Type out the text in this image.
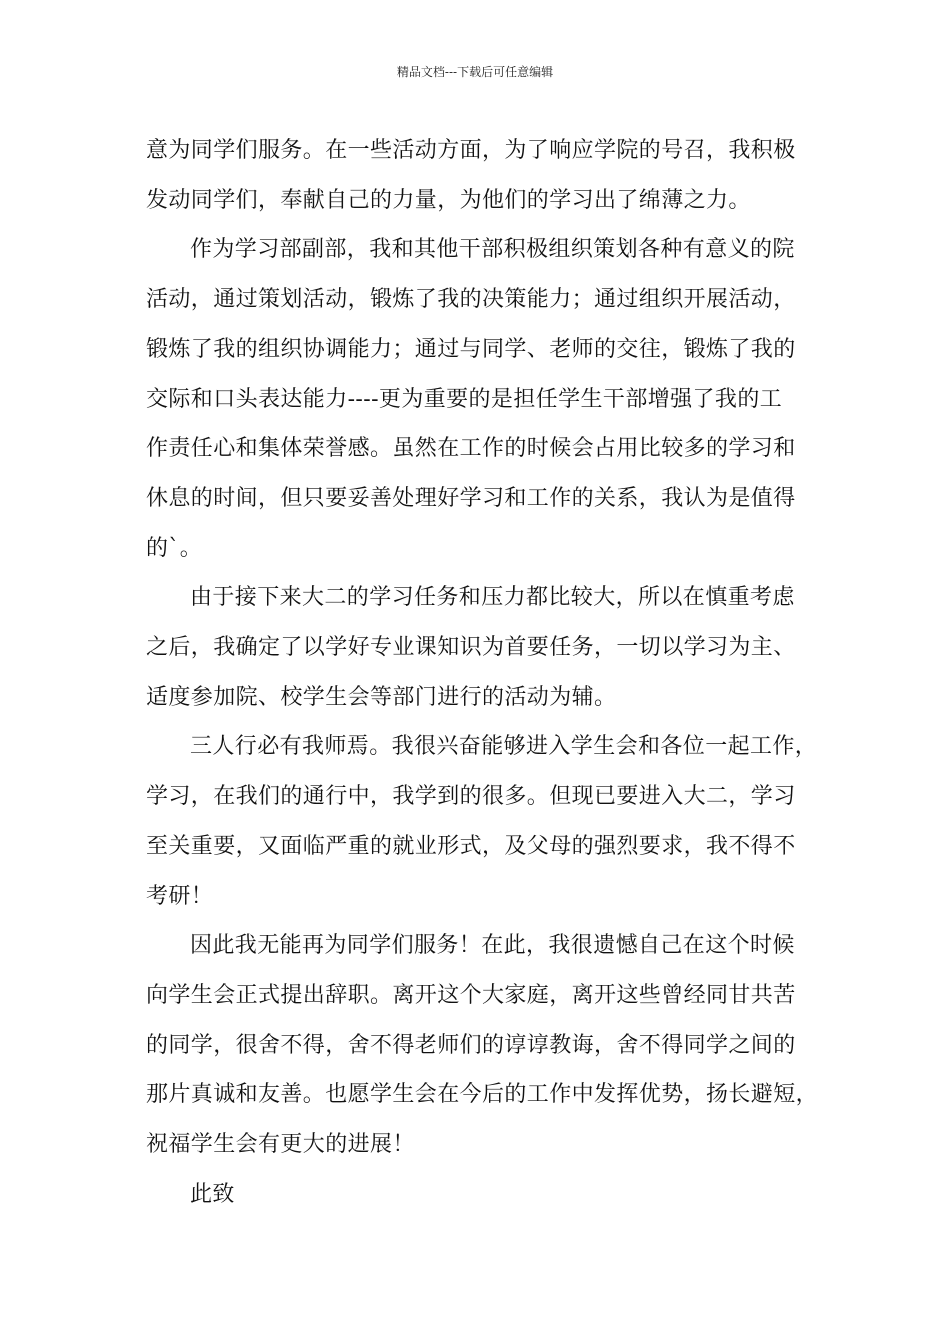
精品文档---下载后可任意编辑

意为同学们服务。在一些活动方面，为了响应学院的号召，我积极
发动同学们，奉献自己的力量，为他们的学习出了绵薄之力。

作为学习部副部，我和其他干部积极组织策划各种有意义的院
活动，通过策划活动，锻炼了我的决策能力；通过组织开展活动，
锻炼了我的组织协调能力；通过与同学、老师的交往，锻炼了我的
交际和口头表达能力----更为重要的是担任学生干部增强了我的工
作责任心和集体荣誉感。虽然在工作的时候会占用比较多的学习和
休息的时间，但只要妥善处理好学习和工作的关系，我认为是值得
的`。

由于接下来大二的学习任务和压力都比较大，所以在慎重考虑
之后，我确定了以学好专业课知识为首要任务，一切以学习为主、
适度参加院、校学生会等部门进行的活动为辅。

三人行必有我师焉。我很兴奋能够进入学生会和各位一起工作，
学习，在我们的通行中，我学到的很多。但现已要进入大二，学习
至关重要，又面临严重的就业形式，及父母的强烈要求，我不得不
考研！

因此我无能再为同学们服务！在此，我很遗憾自己在这个时候
向学生会正式提出辞职。离开这个大家庭，离开这些曾经同甘共苦
的同学，很舍不得，舍不得老师们的谆谆教诲，舍不得同学之间的
那片真诚和友善。也愿学生会在今后的工作中发挥优势，扬长避短，
祝福学生会有更大的进展！

此致
